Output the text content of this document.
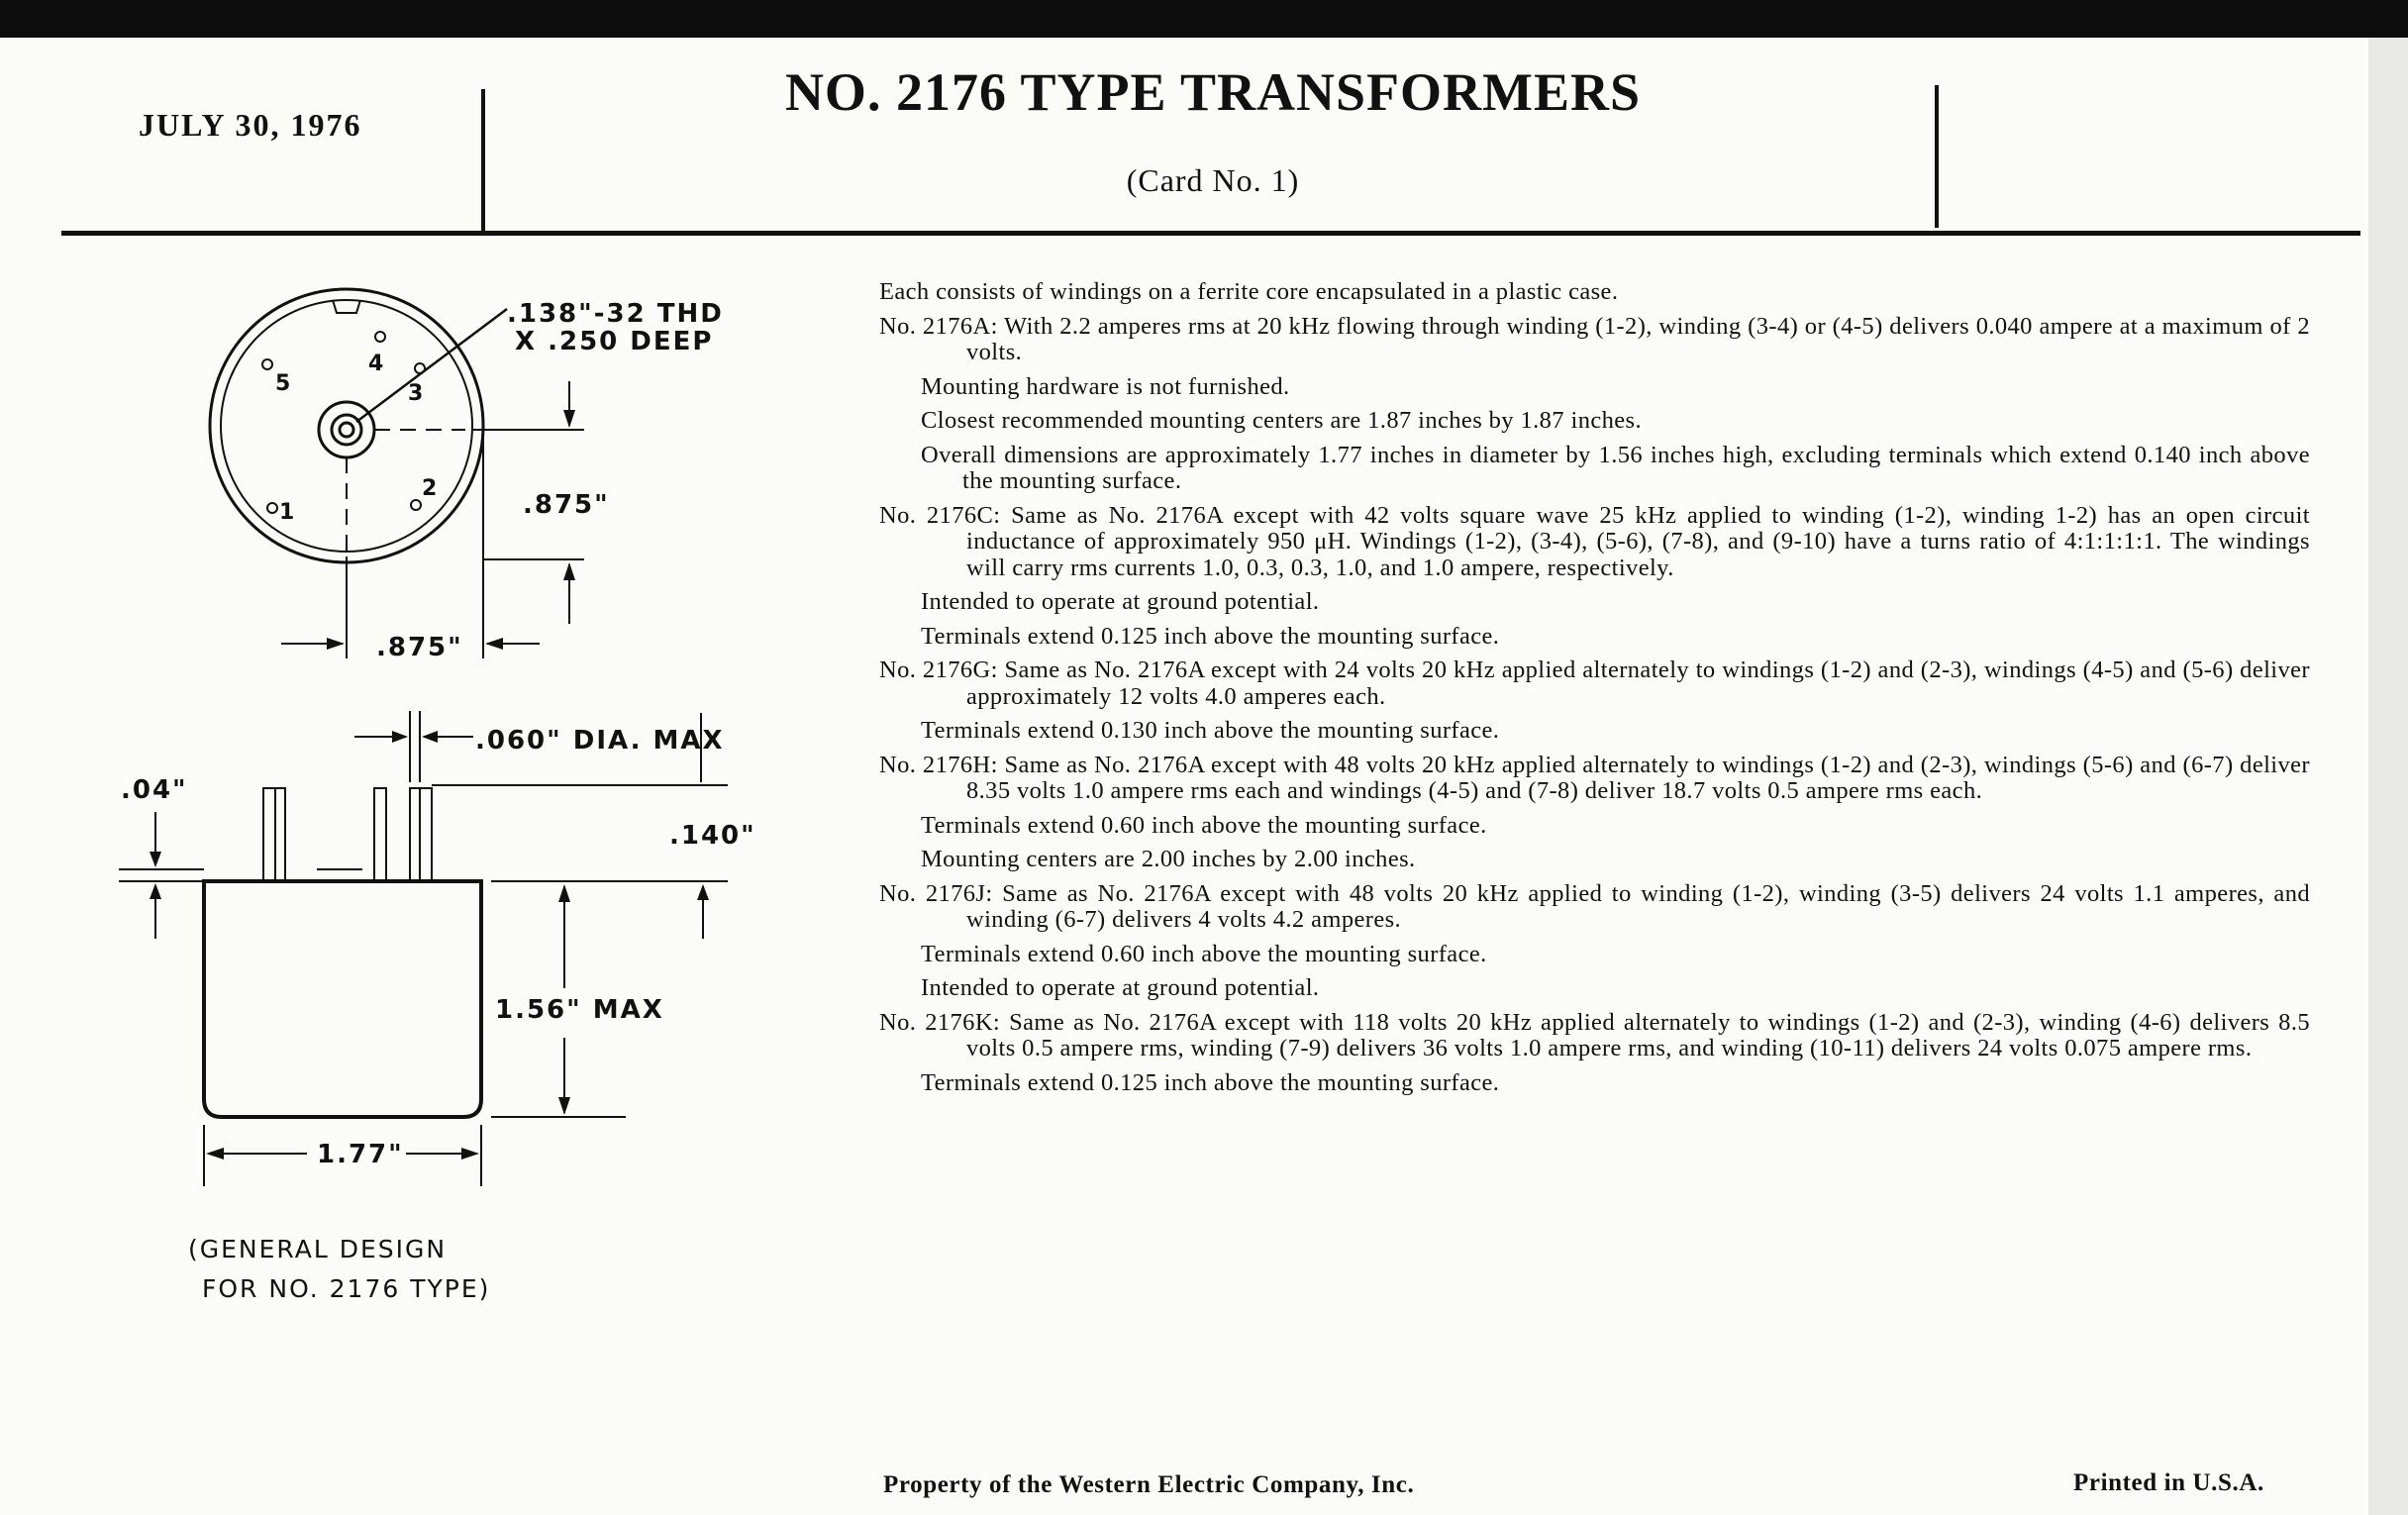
JULY 30, 1976
NO. 2176 TYPE TRANSFORMERS
(Card No. 1)
.138"-32 THD
X .250 DEEP
5
4
3
2
1	.875"
.875"
.060" DIA. MAX
.04"
.140"
1.56" MAX
1.77"
(GENERAL DESIGN
FOR NO. 2176 TYPE)
Each consists of windings on a ferrite core encapsulated in a plastic case.
No. 2176A: With 2.2 amperes rms at 20 kHz flowing through winding (1-2), winding (3-4) or (4-5) delivers 0.040 ampere at a maximum of 2 volts.
Mounting hardware is not furnished.
Closest recommended mounting centers are 1.87 inches by 1.87 inches.
Overall dimensions are approximately 1.77 inches in diameter by 1.56 inches high, excluding terminals which extend 0.140 inch above the mounting surface.
No. 2176C: Same as No. 2176A except with 42 volts square wave 25 kHz applied to winding (1-2), winding 1-2) has an open circuit inductance of approximately 950 μH. Windings (1-2), (3-4), (5-6), (7-8), and (9-10) have a turns ratio of 4:1:1:1:1. The windings will carry rms currents 1.0, 0.3, 0.3, 1.0, and 1.0 ampere, respectively.
Intended to operate at ground potential.
Terminals extend 0.125 inch above the mounting surface.
No. 2176G: Same as No. 2176A except with 24 volts 20 kHz applied alternately to windings (1-2) and (2-3), windings (4-5) and (5-6) deliver approximately 12 volts 4.0 amperes each.
Terminals extend 0.130 inch above the mounting surface.
No. 2176H: Same as No. 2176A except with 48 volts 20 kHz applied alternately to windings (1-2) and (2-3), windings (5-6) and (6-7) deliver 8.35 volts 1.0 ampere rms each and windings (4-5) and (7-8) deliver 18.7 volts 0.5 ampere rms each.
Terminals extend 0.60 inch above the mounting surface.
Mounting centers are 2.00 inches by 2.00 inches.
No. 2176J: Same as No. 2176A except with 48 volts 20 kHz applied to winding (1-2), winding (3-5) delivers 24 volts 1.1 amperes, and winding (6-7) delivers 4 volts 4.2 amperes.
Terminals extend 0.60 inch above the mounting surface.
Intended to operate at ground potential.
No. 2176K: Same as No. 2176A except with 118 volts 20 kHz applied alternately to windings (1-2) and (2-3), winding (4-6) delivers 8.5 volts 0.5 ampere rms, winding (7-9) delivers 36 volts 1.0 ampere rms, and winding (10-11) delivers 24 volts 0.075 ampere rms.
Terminals extend 0.125 inch above the mounting surface.
Property of the Western Electric Company, Inc.	Printed in U.S.A.
